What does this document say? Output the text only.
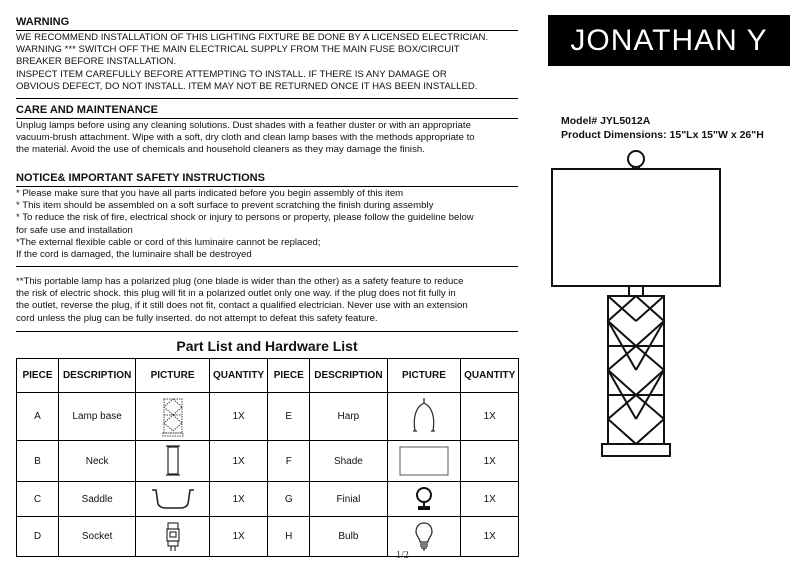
WARNING
WE RECOMMEND INSTALLATION OF THIS LIGHTING FIXTURE BE DONE BY A LICENSED ELECTRICIAN.
WARNING *** SWITCH OFF THE MAIN ELECTRICAL SUPPLY FROM THE MAIN FUSE BOX/CIRCUIT
BREAKER BEFORE INSTALLATION.
INSPECT ITEM CAREFULLY BEFORE ATTEMPTING TO INSTALL. IF THERE IS ANY DAMAGE OR
OBVIOUS DEFECT, DO NOT INSTALL. ITEM MAY NOT BE RETURNED ONCE IT HAS BEEN INSTALLED.
CARE AND MAINTENANCE
Unplug lamps before using any cleaning solutions. Dust shades with a feather duster or with an appropriate
vacuum-brush attachment. Wipe with a soft, dry cloth and clean lamp bases with the methods appropriate to
the material. Avoid the use of chemicals and household cleaners as they may damage the finish.
NOTICE& IMPORTANT SAFETY INSTRUCTIONS
* Please make sure that you have all parts indicated before you begin assembly of this item
* This item should be assembled on a soft surface to prevent scratching the finish during assembly
* To reduce the risk of fire, electrical shock or injury to persons or property, please follow the guideline below
for safe use and installation
*The external flexible cable or cord of this luminaire cannot be replaced;
If the cord is damaged, the luminaire shall be destroyed
**This portable lamp has a polarized plug (one blade is wider than the other) as a safety feature to reduce
the risk of electric shock. this plug will fit in a polarized outlet only one way. if the plug does not fit fully in
the outlet, reverse the plug, if it still does not fit, contact a qualified electrician. Never use with an extension
cord unless the plug can be fully inserted. do not attempt to defeat this safety feature.
JONATHAN Y
Model# JYL5012A
Product Dimensions: 15"Lx 15"W x 26"H
Part List and Hardware List
PIECE	DESCRIPTION	PICTURE	QUANTITY	PIECE	DESCRIPTION	PICTURE	QUANTITY
A	Lamp base		1X	E	Harp		1X
B	Neck		1X	F	Shade		1X
C	Saddle		1X	G	Finial		1X
D	Socket		1X	H	Bulb		1X
1/2
